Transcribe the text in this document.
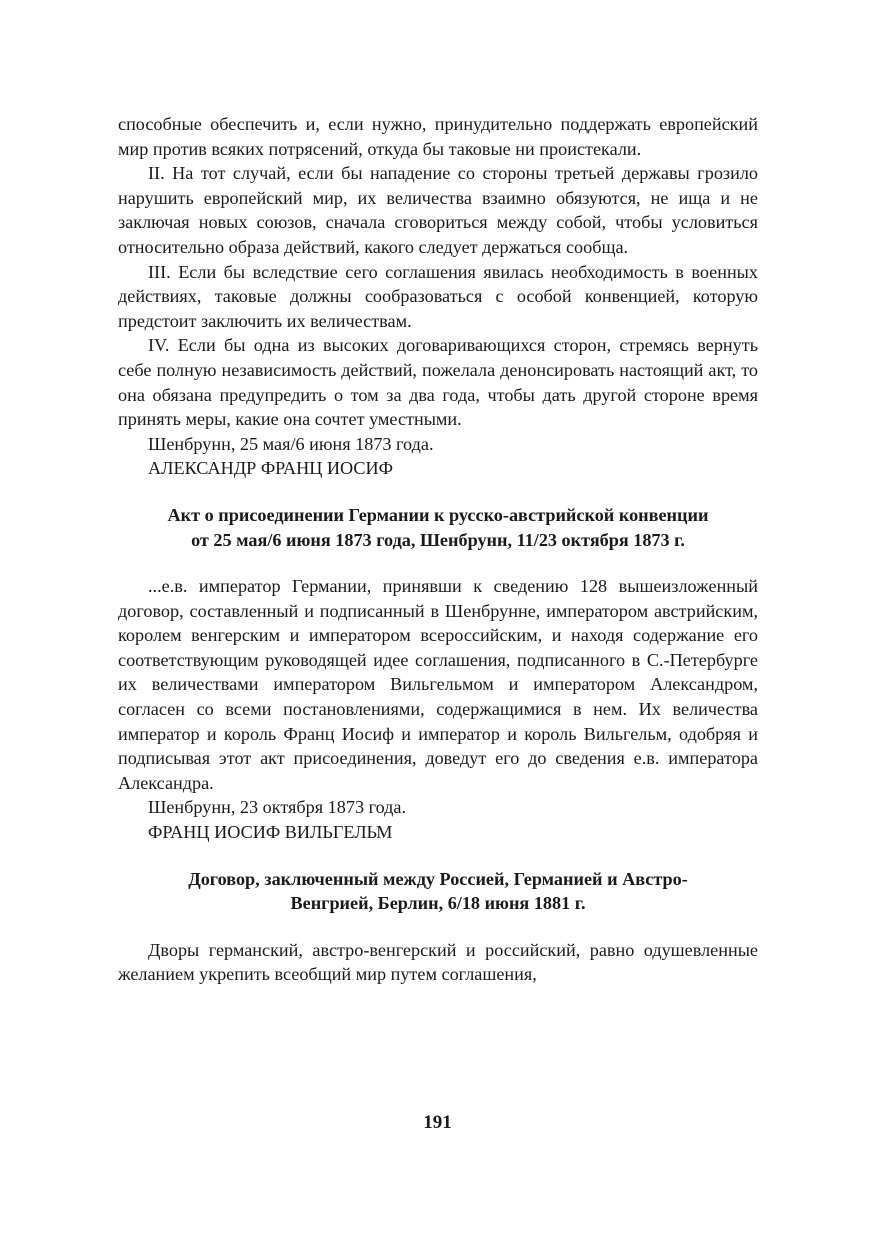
способные обеспечить и, если нужно, принудительно поддержать европейский мир против всяких потрясений, откуда бы таковые ни проистекали.

II. На тот случай, если бы нападение со стороны третьей державы грозило нарушить европейский мир, их величества взаимно обязуются, не ища и не заключая новых союзов, сначала сговориться между собой, чтобы условиться относительно образа действий, какого следует держаться сообща.

III. Если бы вследствие сего соглашения явилась необходимость в военных действиях, таковые должны сообразоваться с особой конвенцией, которую предстоит заключить их величествам.

IV. Если бы одна из высоких договаривающихся сторон, стремясь вернуть себе полную независимость действий, пожелала денонсировать настоящий акт, то она обязана предупредить о том за два года, чтобы дать другой стороне время принять меры, какие она сочтет уместными.

Шенбрунн, 25 мая/6 июня 1873 года.

АЛЕКСАНДР ФРАНЦ ИОСИФ

Акт о присоединении Германии к русско-австрийской конвенции
от 25 мая/6 июня 1873 года, Шенбрунн, 11/23 октября 1873 г.

...е.в. император Германии, принявши к сведению 128 вышеизложенный договор, составленный и подписанный в Шенбрунне, императором австрийским, королем венгерским и императором всероссийским, и находя содержание его соответствующим руководящей идее соглашения, подписанного в С.-Петербурге их величествами императором Вильгельмом и императором Александром, согласен со всеми постановлениями, содержащимися в нем. Их величества император и король Франц Иосиф и император и король Вильгельм, одобряя и подписывая этот акт присоединения, доведут его до сведения е.в. императора Александра.

Шенбрунн, 23 октября 1873 года.

ФРАНЦ ИОСИФ ВИЛЬГЕЛЬМ

Договор, заключенный между Россией, Германией и Австро-
Венгрией, Берлин, 6/18 июня 1881 г.

Дворы германский, австро-венгерский и российский, равно одушевленные желанием укрепить всеобщий мир путем соглашения,

191
